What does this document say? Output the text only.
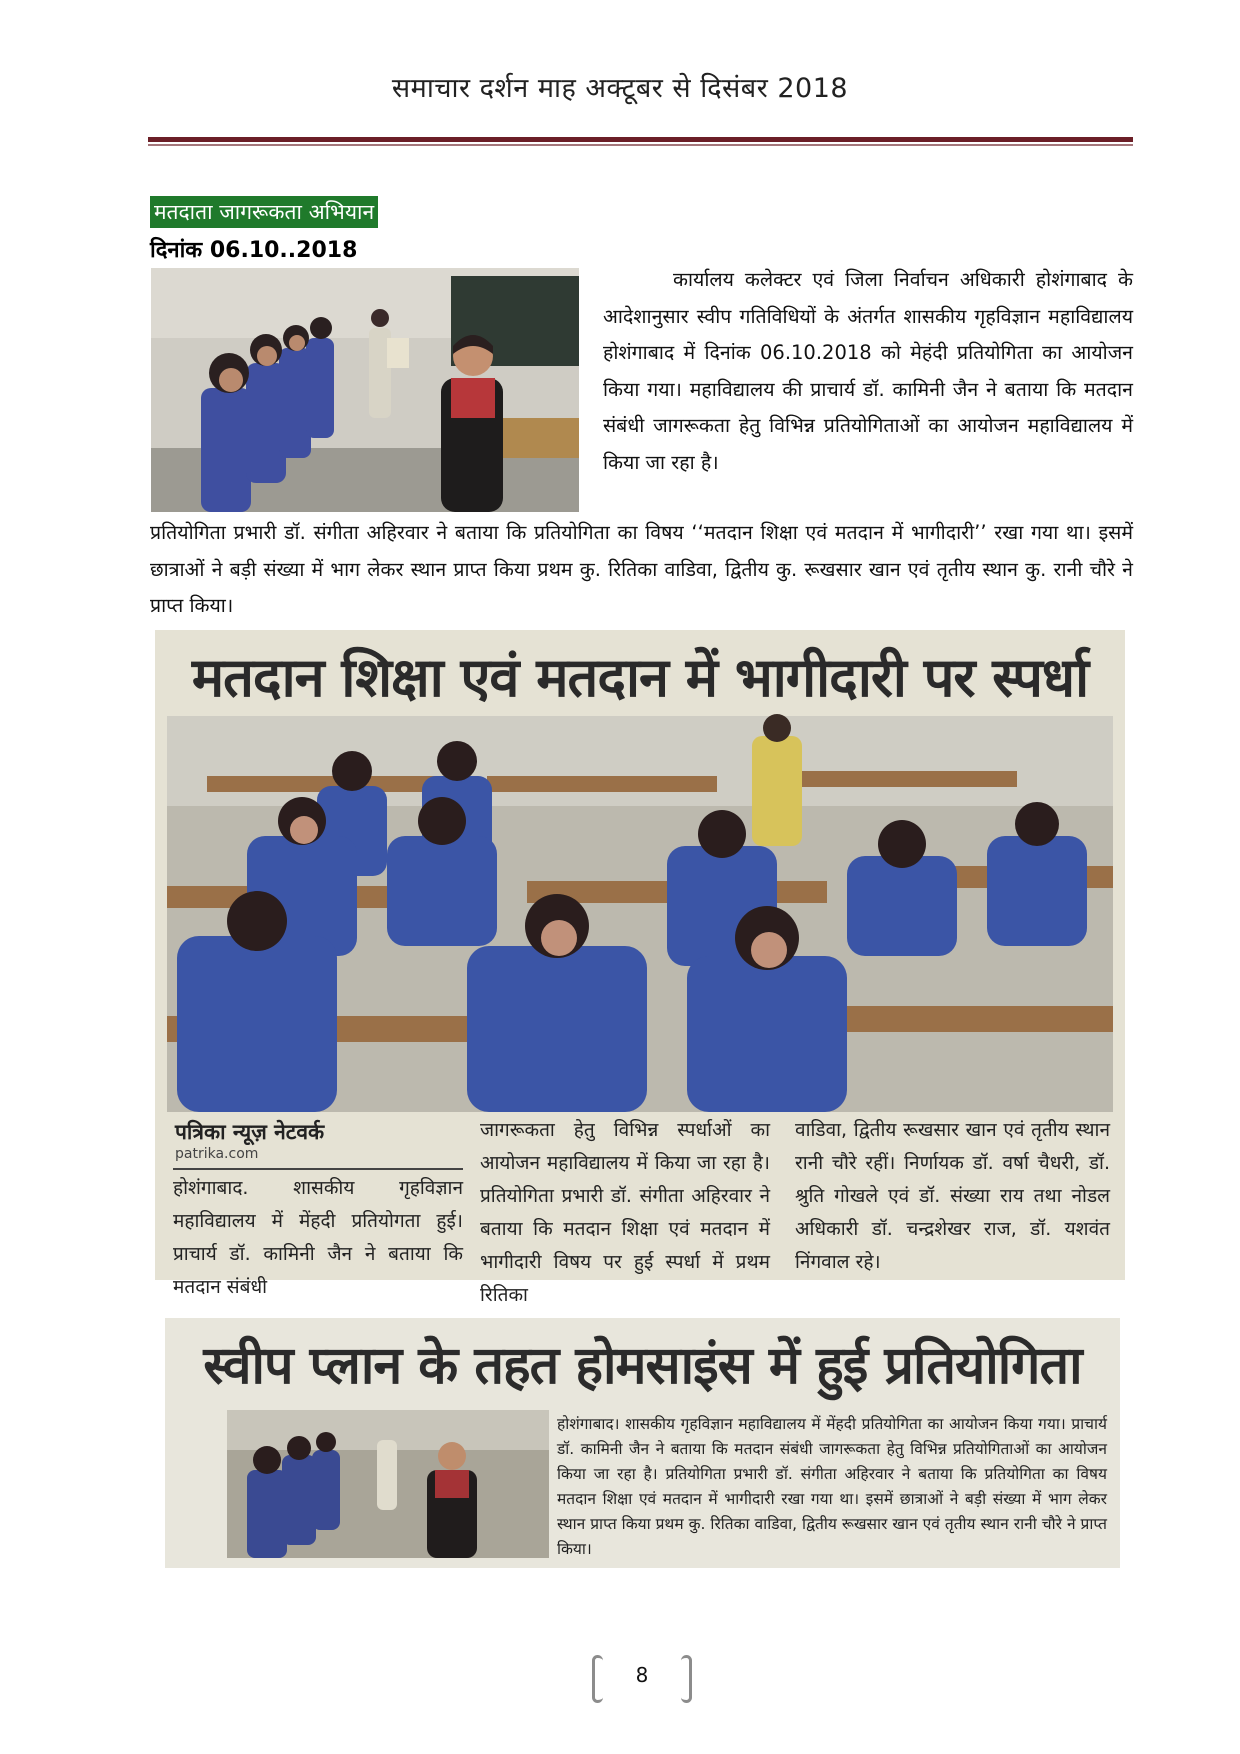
समाचार दर्शन माह अक्टूबर से दिसंबर 2018
मतदाता जागरूकता अभियान
दिनांक 06.10..2018
कार्यालय कलेक्टर एवं जिला निर्वाचन अधिकारी होशंगाबाद के आदेशानुसार स्वीप गतिविधियों के अंतर्गत शासकीय गृहविज्ञान महाविद्यालय होशंगाबाद में दिनांक 06.10.2018 को मेहंदी प्रतियोगिता का आयोजन किया गया। महाविद्यालय की प्राचार्य डॉ. कामिनी जैन ने बताया कि मतदान संबंधी जागरूकता हेतु विभिन्न प्रतियोगिताओं का आयोजन महाविद्यालय में किया जा रहा है।
प्रतियोगिता प्रभारी डॉ. संगीता अहिरवार ने बताया कि प्रतियोगिता का विषय ‘‘मतदान शिक्षा एवं मतदान में भागीदारी’’ रखा गया था। इसमें छात्राओं ने बड़ी संख्या में भाग लेकर स्थान प्राप्त किया प्रथम कु. रितिका वाडिवा, द्वितीय कु. रूखसार खान एवं तृतीय स्थान कु. रानी चौरे ने प्राप्त किया।
मतदान शिक्षा एवं मतदान में भागीदारी पर स्पर्धा
पत्रिका न्यूज़ नेटवर्क
patrika.com
होशंगाबाद. शासकीय गृहविज्ञान महाविद्यालय में मेंहदी प्रतियोगता हुई। प्राचार्य डॉ. कामिनी जैन ने बताया कि मतदान संबंधी
जागरूकता हेतु विभिन्न स्पर्धाओं का आयोजन महाविद्यालय में किया जा रहा है। प्रतियोगिता प्रभारी डॉ. संगीता अहिरवार ने बताया कि मतदान शिक्षा एवं मतदान में भागीदारी विषय पर हुई स्पर्धा में प्रथम रितिका
वाडिवा, द्वितीय रूखसार खान एवं तृतीय स्थान रानी चौरे रहीं। निर्णायक डॉ. वर्षा चैधरी, डॉ. श्रुति गोखले एवं डॉ. संख्या राय तथा नोडल अधिकारी डॉ. चन्द्रशेखर राज, डॉ. यशवंत निंगवाल रहे।
स्वीप प्लान के तहत होमसाइंस में हुई प्रतियोगिता
होशंगाबाद। शासकीय गृहविज्ञान महाविद्यालय में मेंहदी प्रतियोगिता का आयोजन किया गया। प्राचार्य डॉ. कामिनी जैन ने बताया कि मतदान संबंधी जागरूकता हेतु विभिन्न प्रतियोगिताओं का आयोजन किया जा रहा है। प्रतियोगिता प्रभारी डॉ. संगीता अहिरवार ने बताया कि प्रतियोगिता का विषय मतदान शिक्षा एवं मतदान में भागीदारी रखा गया था। इसमें छात्राओं ने बड़ी संख्या में भाग लेकर स्थान प्राप्त किया प्रथम कु. रितिका वाडिवा, द्वितीय रूखसार खान एवं तृतीय स्थान रानी चौरे ने प्राप्त किया।
8
